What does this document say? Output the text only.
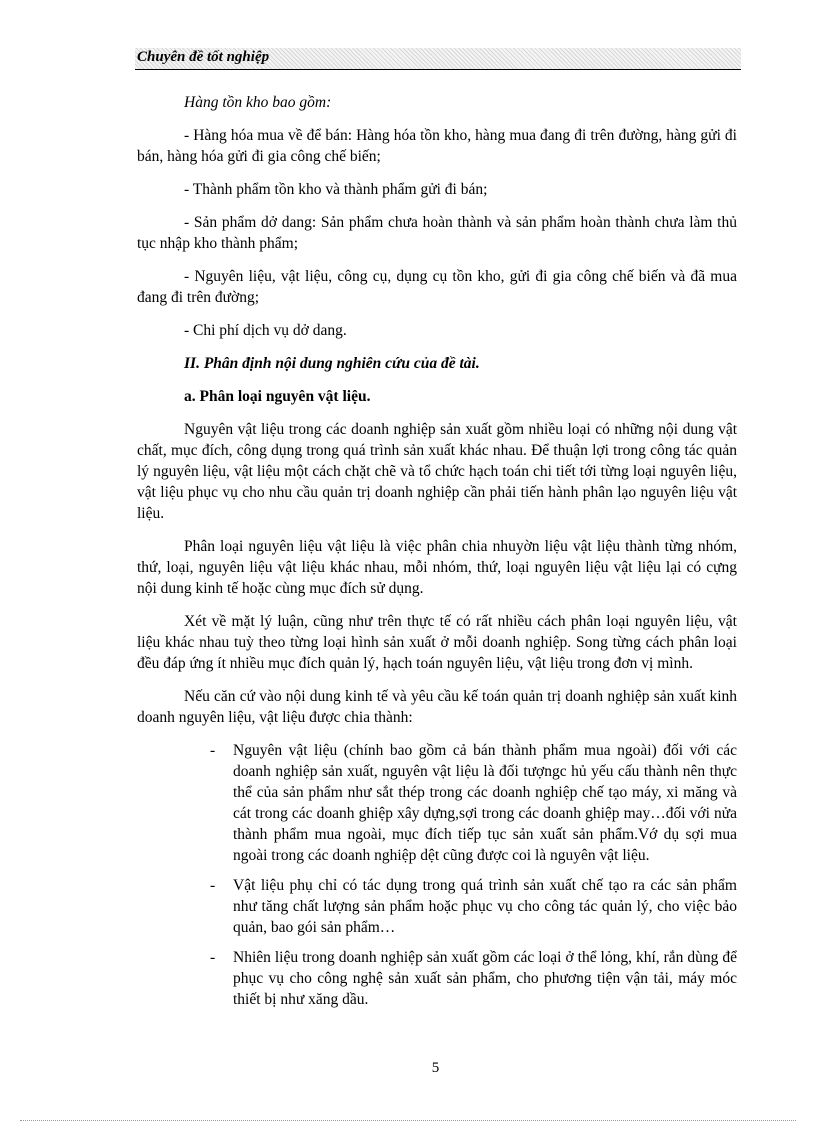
Chuyên đề tốt nghiệp

Hàng tồn kho bao gồm:

- Hàng hóa mua về để bán: Hàng hóa tồn kho, hàng mua đang đi trên đường, hàng gửi đi bán, hàng hóa gửi đi gia công chế biến;

- Thành phẩm tồn kho và thành phẩm gửi đi bán;

- Sản phẩm dở dang: Sản phẩm chưa hoàn thành và sản phẩm hoàn thành chưa làm thủ tục nhập kho thành phẩm;

- Nguyên liệu, vật liệu, công cụ, dụng cụ tồn kho, gửi đi gia công chế biến và đã mua đang đi trên đường;

- Chi phí dịch vụ dở dang.

II. Phân định nội dung nghiên cứu của đề tài.

a. Phân loại nguyên vật liệu.

Nguyên vật liệu trong các doanh nghiệp sản xuất gồm nhiều loại có những nội dung vật chất, mục đích, công dụng trong quá trình sản xuất khác nhau. Để thuận lợi trong công tác quản lý nguyên liệu, vật liệu một cách chặt chẽ và tổ chức hạch toán chi tiết tới từng loại nguyên liệu, vật liệu phục vụ cho nhu cầu quản trị doanh nghiệp cần phải tiến hành phân lạo nguyên liệu vật liệu.

Phân loại nguyên liệu vật liệu là việc phân chia nhuyờn liệu vật liệu thành từng nhóm, thứ, loại, nguyên liệu vật liệu khác nhau, mỗi nhóm, thứ, loại nguyên liệu vật liệu lại có cựng nội dung kinh tế hoặc cùng mục đích sử dụng.

Xét về mặt lý luận, cũng như trên thực tế có rất nhiều cách phân loại nguyên liệu, vật liệu khác nhau tuỳ theo từng loại hình sản xuất ở mỗi doanh nghiệp. Song từng cách phân loại đều đáp ứng ít nhiều mục đích quản lý, hạch toán nguyên liệu, vật liệu trong đơn vị mình.

Nếu căn cứ vào nội dung kinh tế và yêu cầu kế toán quản trị doanh nghiệp sản xuất kinh doanh nguyên liệu, vật liệu được chia thành:

- Nguyên vật liệu (chính bao gồm cả bán thành phẩm mua ngoài) đối với các doanh nghiệp sản xuất, nguyên vật liệu là đối tượngc hủ yếu cấu thành nên thực thể của sản phẩm như sắt thép trong các doanh nghiệp chế tạo máy, xi măng và cát trong các doanh ghiệp xây dựng,sợi trong các doanh ghiệp may…đối với nửa thành phẩm mua ngoài, mục đích tiếp tục sản xuất sản phẩm.Vớ dụ sợi mua ngoài trong các doanh nghiệp dệt cũng được coi là nguyên vật liệu.
- Vật liệu phụ chỉ có tác dụng trong quá trình sản xuất chế tạo ra các sản phẩm như tăng chất lượng sản phẩm hoặc phục vụ cho công tác quản lý, cho việc bảo quản, bao gói sản phẩm…
- Nhiên liệu trong doanh nghiệp sản xuất gồm các loại ở thể lỏng, khí, rắn dùng để phục vụ cho công nghệ sản xuất sản phẩm, cho phương tiện vận tải, máy móc thiết bị như xăng dầu.
5
